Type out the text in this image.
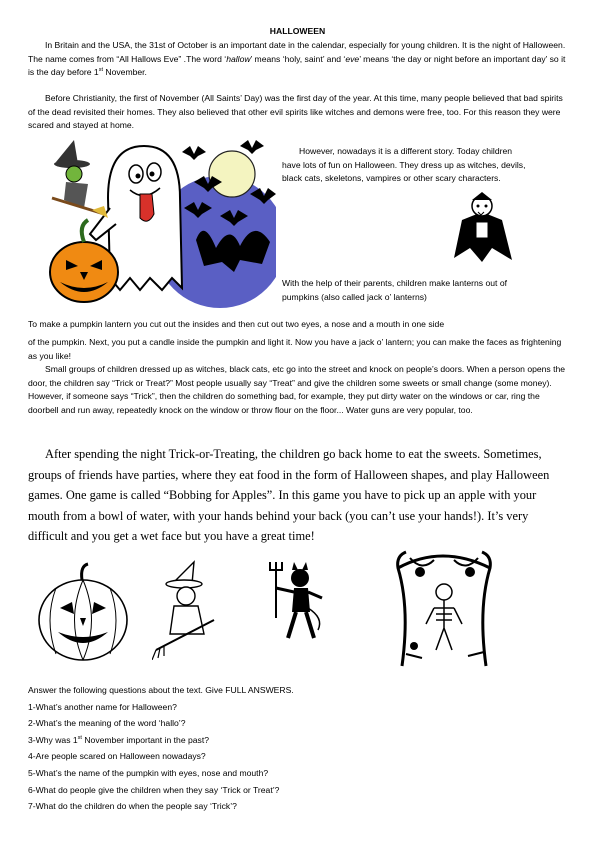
HALLOWEEN

In Britain and the USA, the 31st of October is an important date in the calendar, especially for young children. It is the night of Halloween. The name comes from “All Hallows Eve” .The word ‘hallow’ means ‘holy, saint’ and ‘eve’ means ‘the day or night before an important day’ so it is the day before 1st November.

Before Christianity, the first of November (All Saints’ Day) was the first day of the year. At this time, many people believed that bad spirits of the dead revisited their homes. They also believed that other evil spirits like witches and demons were free, too. For this reason they were scared and stayed at home.

However, nowadays it is a different story. Today children have lots of fun on Halloween. They dress up as witches, devils, black cats, skeletons, vampires or other scary characters.

With the help of their parents, children make lanterns out of pumpkins (also called jack o’ lanterns)

To make a pumpkin lantern you cut out the insides and then cut out two eyes, a nose and a mouth in one side

of the pumpkin. Next, you put a candle inside the pumpkin and light it. Now you have a jack o’ lantern; you can make the faces as frightening as you like!

Small groups of children dressed up as witches, black cats, etc go into the street and knock on people’s doors. When a person opens the door, the children say “Trick or Treat?” Most people usually say “Treat” and give the children some sweets or small change (some money). However, if someone says “Trick”, then the children do something bad, for example, they put dirty water on the windows or car, ring the doorbell and run away, repeatedly knock on the window or throw flour on the floor... Water guns are very popular, too.

After spending the night Trick-or-Treating, the children go back home to eat the sweets. Sometimes, groups of friends have parties, where they eat food in the form of Halloween shapes, and play Halloween games. One game is called “Bobbing for Apples”. In this game you have to pick up an apple with your mouth from a bowl of water, with your hands behind your back (you can’t use your hands!). It’s very difficult and you get a wet face but you have a great time!

Answer the following questions about the text. Give FULL ANSWERS.

1-What’s another name for Halloween?

2-What’s the meaning of the word ‘hallo’?

3-Why was 1st November important in the past?

4-Are people scared on Halloween nowadays?

5-What’s the name of the pumpkin with eyes, nose and mouth?

6-What do people give the children when they say ‘Trick or Treat’?

7-What do the children do when the people say ‘Trick’?
